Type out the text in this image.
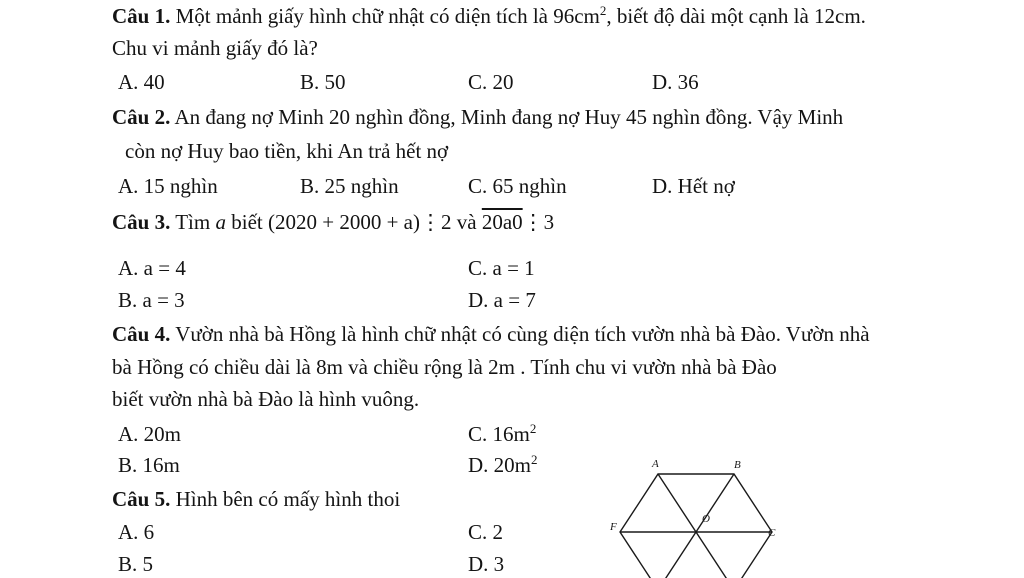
Câu 1. Một mảnh giấy hình chữ nhật có diện tích là $96cm^2$, biết độ dài một cạnh là 12cm.
Chu vi mảnh giấy đó là?
A. 40	B. 50	C. 20	D. 36
Câu 2. An đang nợ Minh 20 nghìn đồng, Minh đang nợ Huy 45 nghìn đồng. Vậy Minh
còn nợ Huy bao tiền, khi An trả hết nợ
A. 15 nghìn	B. 25 nghìn	C. 65 nghìn	D. Hết nợ
Câu 3. Tìm a biết (2020 + 2000 + a)⋮2 và 20a0⋮3
A. a = 4	C. a = 1
B. a = 3	D. a = 7
Câu 4. Vườn nhà bà Hồng là hình chữ nhật có cùng diện tích vườn nhà bà Đào. Vườn nhà
bà Hồng có chiều dài là 8m và chiều rộng là 2m . Tính chu vi vườn nhà bà Đào
biết vườn nhà bà Đào là hình vuông.
A. 20m	C. $16m^2$
B. 16m	D. $20m^2$
Câu 5. Hình bên có mấy hình thoi
A. 6	C. 2
B. 5	D. 3
A	B
F
O
C
